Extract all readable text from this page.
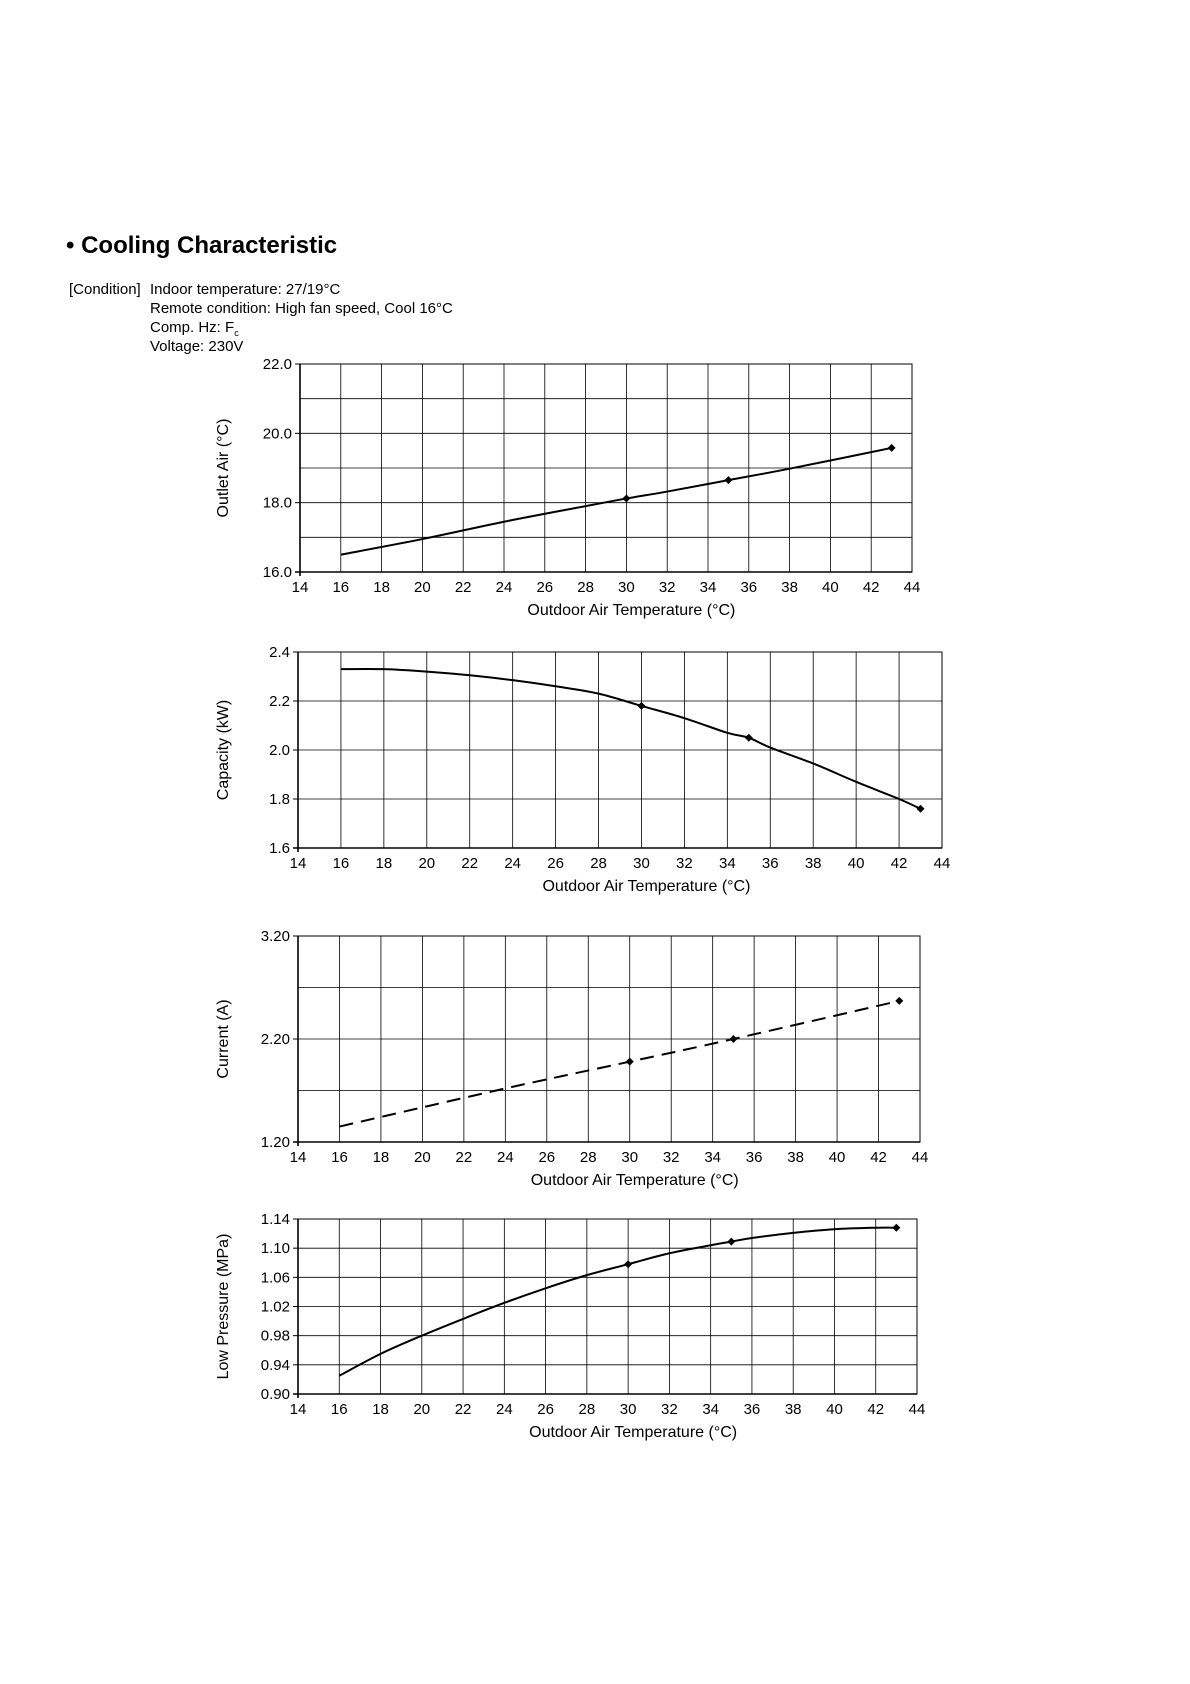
• Cooling Characteristic
[Condition] Indoor temperature: 27/19°C
Remote condition: High fan speed, Cool 16°C
Comp. Hz: $F_c$
Voltage: 230V
14 16 18 20 22 24 26 28 30 32 34 36 38 40 42 44
16.0
18.0
20.0
22.0
Outdoor Air Temperature (°C)
Outlet Air (°C)
14 16 18 20 22 24 26 28 30 32 34 36 38 40 42 44
1.6
1.8
2.0
2.2
2.4
Outdoor Air Temperature (°C)
Capacity (kW)
14 16 18 20 22 24 26 28 30 32 34 36 38 40 42 44
1.20
2.20
3.20
Outdoor Air Temperature (°C)
Current (A)
14 16 18 20 22 24 26 28 30 32 34 36 38 40 42 44
0.90
0.94
0.98
1.02
1.06
1.10
1.14
Outdoor Air Temperature (°C)
Low Pressure (MPa)
